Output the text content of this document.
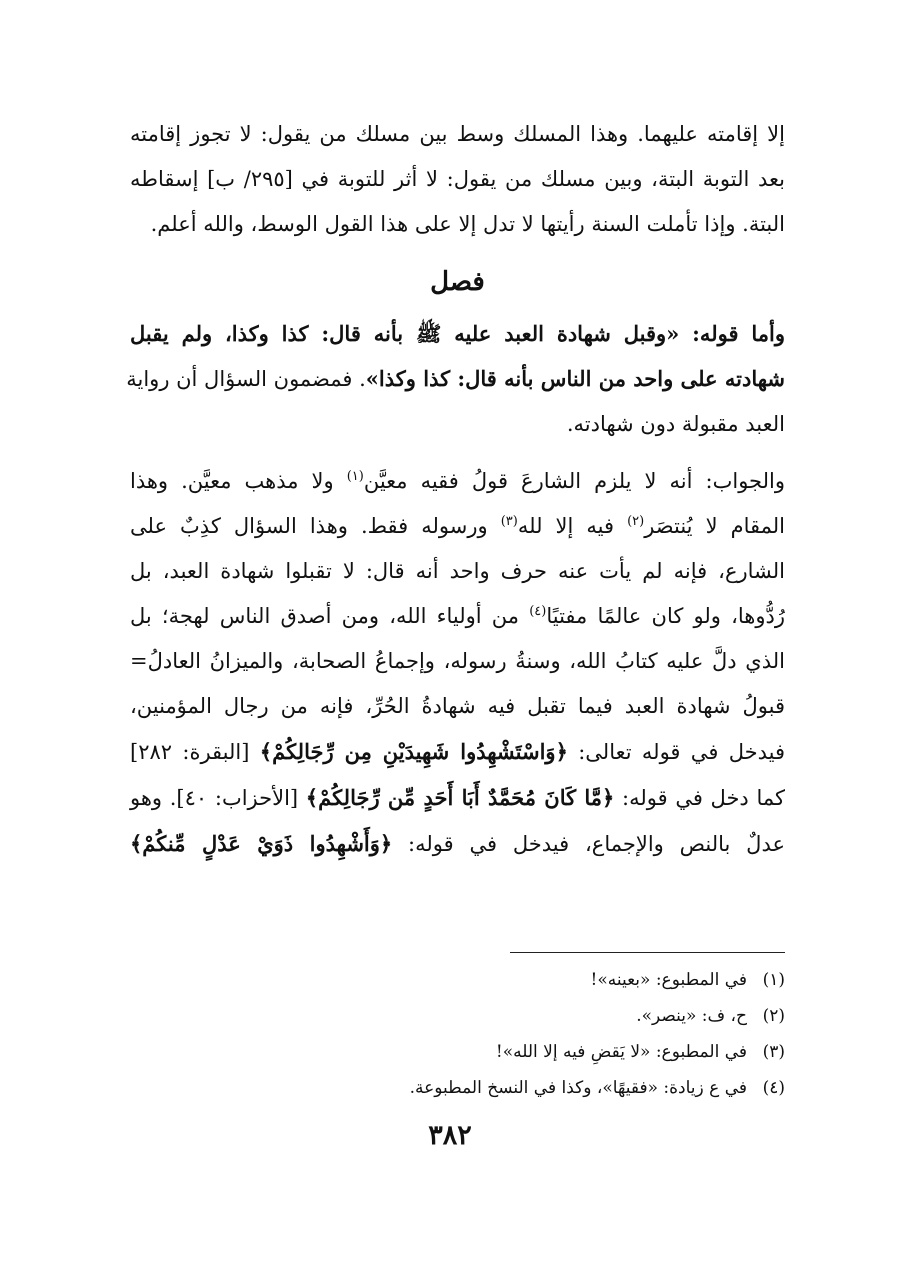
إلا إقامته عليهما. وهذا المسلك وسط بين مسلك من يقول: لا تجوز إقامته
بعد التوبة البتة، وبين مسلك من يقول: لا أثر للتوبة في [٢٩٥/ ب] إسقاطه
البتة. وإذا تأملت السنة رأيتها لا تدل إلا على هذا القول الوسط، والله أعلم.

فصل

وأما قوله: «وقبل شهادة العبد عليه ﷺ بأنه قال: كذا وكذا، ولم يقبل
شهادته على واحد من الناس بأنه قال: كذا وكذا». فمضمون السؤال أن رواية
العبد مقبولة دون شهادته.

والجواب: أنه لا يلزم الشارعَ قولُ فقيه معيَّن$^{(١)}$ ولا مذهب معيَّن. وهذا
المقام لا يُنتصَر$^{(٢)}$ فيه إلا لله$^{(٣)}$ ورسوله فقط. وهذا السؤال كذِبٌ على
الشارع، فإنه لم يأت عنه حرف واحد أنه قال: لا تقبلوا شهادة العبد، بل
رُدُّوها، ولو كان عالمًا مفتيًا$^{(٤)}$ من أولياء الله، ومن أصدق الناس لهجة؛ بل
الذي دلَّ عليه كتابُ الله، وسنةُ رسوله، وإجماعُ الصحابة، والميزانُ العادلُ=
قبولُ شهادة العبد فيما تقبل فيه شهادةُ الحُرِّ، فإنه من رجال المؤمنين،
فيدخل في قوله تعالى: ﴿وَاسْتَشْهِدُوا شَهِيدَيْنِ مِن رِّجَالِكُمْ﴾ [البقرة: ٢٨٢]
كما دخل في قوله: ﴿مَّا كَانَ مُحَمَّدٌ أَبَا أَحَدٍ مِّن رِّجَالِكُمْ﴾ [الأحزاب: ٤٠]. وهو
عدلٌ بالنص والإجماع، فيدخل في قوله: ﴿وَأَشْهِدُوا ذَوَيْ عَدْلٍ مِّنكُمْ﴾

(١)في المطبوع: «بعينه»!
(٢)ح، ف: «ينصر».
(٣)في المطبوع: «لا يَقضِ فيه إلا الله»!
(٤)في ع زيادة: «فقيهًا»، وكذا في النسخ المطبوعة.
٣٨٢
